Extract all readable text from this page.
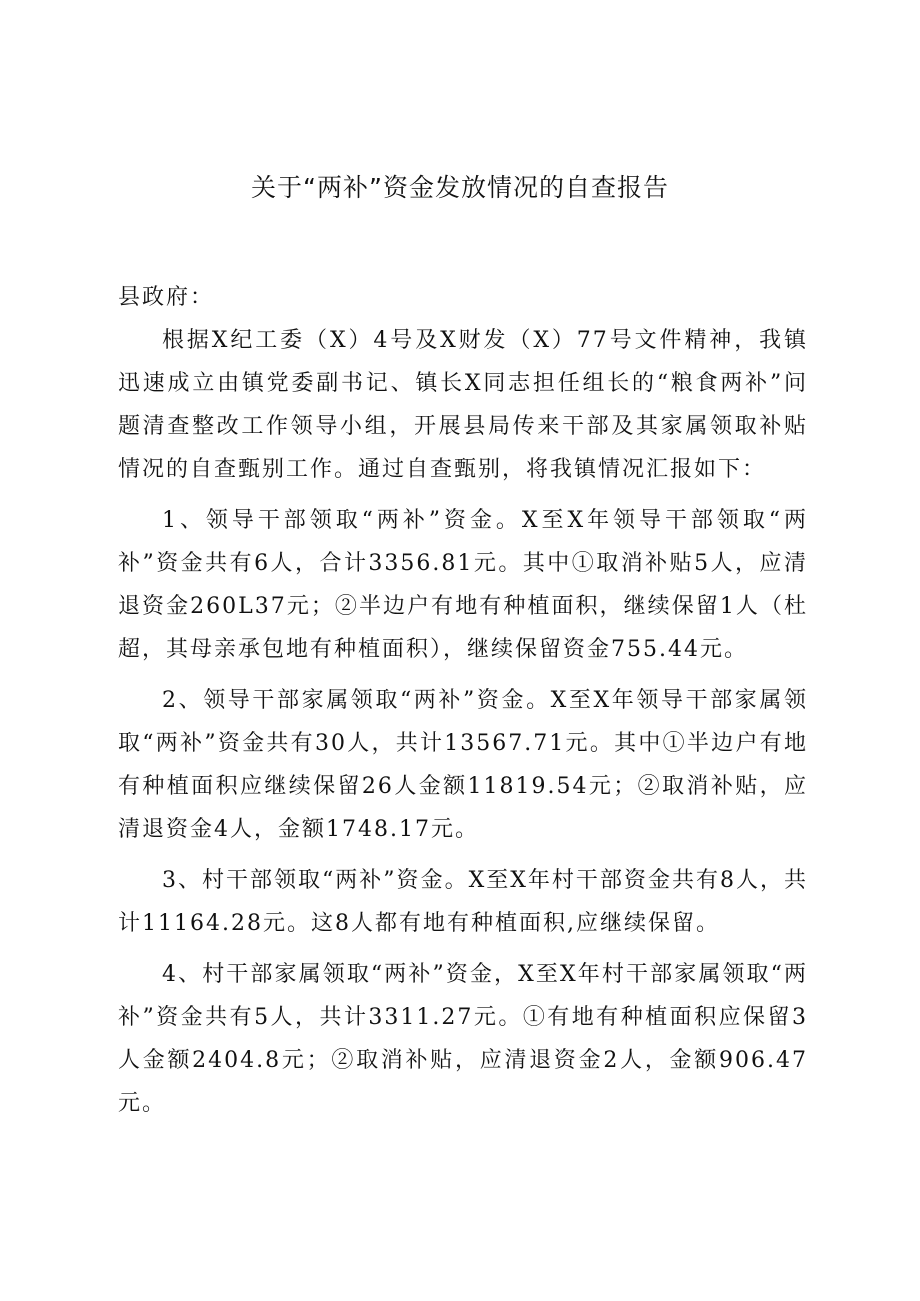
关于“两补”资金发放情况的自查报告

县政府：

根据X纪工委（X）4号及X财发（X）77号文件精神，我镇迅速成立由镇党委副书记、镇长X同志担任组长的“粮食两补”问题清查整改工作领导小组，开展县局传来干部及其家属领取补贴情况的自查甄别工作。通过自查甄别，将我镇情况汇报如下：

1、领导干部领取“两补”资金。X至X年领导干部领取“两补”资金共有6人，合计3356.81元。其中①取消补贴5人，应清退资金260L37元；②半边户有地有种植面积，继续保留1人（杜超，其母亲承包地有种植面积），继续保留资金755.44元。

2、领导干部家属领取“两补”资金。X至X年领导干部家属领取“两补”资金共有30人，共计13567.71元。其中①半边户有地有种植面积应继续保留26人金额11819.54元；②取消补贴，应清退资金4人，金额1748.17元。

3、村干部领取“两补”资金。X至X年村干部资金共有8人，共计11164.28元。这8人都有地有种植面积,应继续保留。

4、村干部家属领取“两补”资金，X至X年村干部家属领取“两补”资金共有5人，共计3311.27元。①有地有种植面积应保留3人金额2404.8元；②取消补贴，应清退资金2人，金额906.47元。
